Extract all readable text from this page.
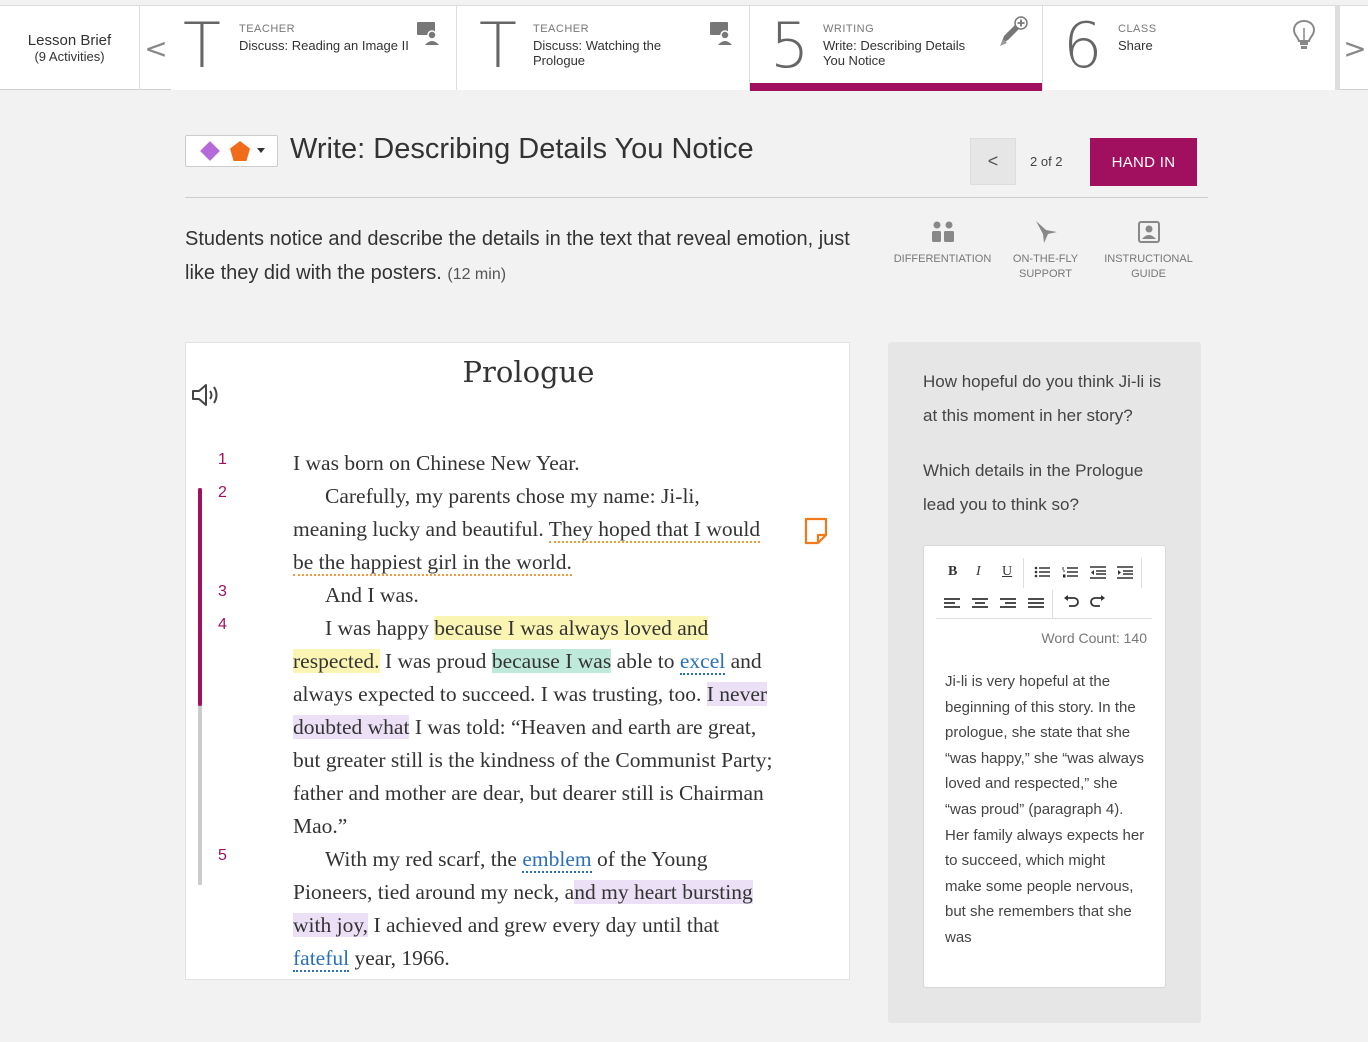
Lesson Brief
(9 Activities) < T TEACHER
Discuss: Reading an Image II T TEACHER
Discuss: Watching the Prologue	5 WRITING
Write: Describing Details You Notice	6 CLASS
Share	>
Write: Describing Details You Notice	<	2 of 2	HAND IN
Students notice and describe the details in the text that reveal emotion, just like they did with the posters. (12 min)
DIFFERENTIATION	ON-THE-FLY
SUPPORT
INSTRUCTIONAL
GUIDE
Prologue
1
2
3
4
5

I was born on Chinese New Year.

Carefully, my parents chose my name: Ji-li, meaning lucky and beautiful. They hoped that I would be the happiest girl in the world.

And I was.

I was happy because I was always loved and respected. I was proud because I was able to excel and always expected to succeed. I was trusting, too. I never doubted what I was told: “Heaven and earth are great, but greater still is the kindness of the Communist Party; father and mother are dear, but dearer still is Chairman Mao.”

With my red scarf, the emblem of the Young Pioneers, tied around my neck, and my heart bursting with joy, I achieved and grew every day until that fateful year, 1966.

How hopeful do you think Ji-li is at this moment in her story?
Which details in the Prologue lead you to think so?
B I U
Word Count: 140
Ji-li is very hopeful at the beginning of this story. In the prologue, she state that she “was happy,” she “was always loved and respected,” she “was proud” (paragraph 4). Her family always expects her to succeed, which might make some people nervous, but she remembers that she was
